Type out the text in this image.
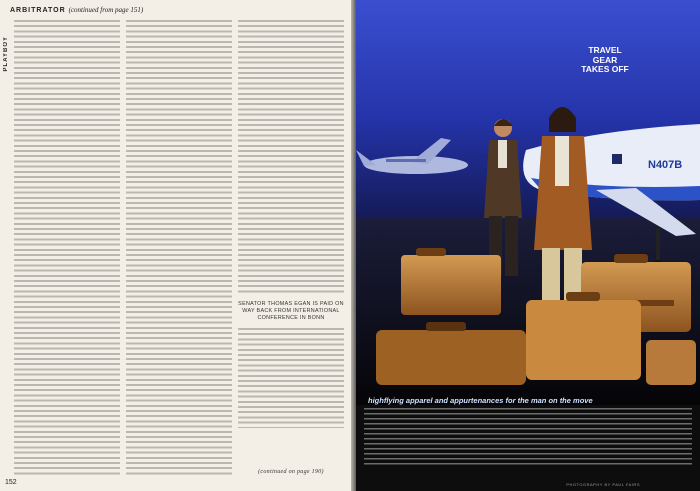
ARBITRATOR (continued from page 151)
PLAYBOY
SENATOR THOMAS EGAN IS PAID ON
WAY BACK FROM INTERNATIONAL
CONFERENCE IN BONN
(continued on page 190)
152
N407B
TRAVEL
GEAR
TAKES OFF
highflying apparel and appurtenances for the man on the move
PHOTOGRAPHY BY PAUL FAIRS
